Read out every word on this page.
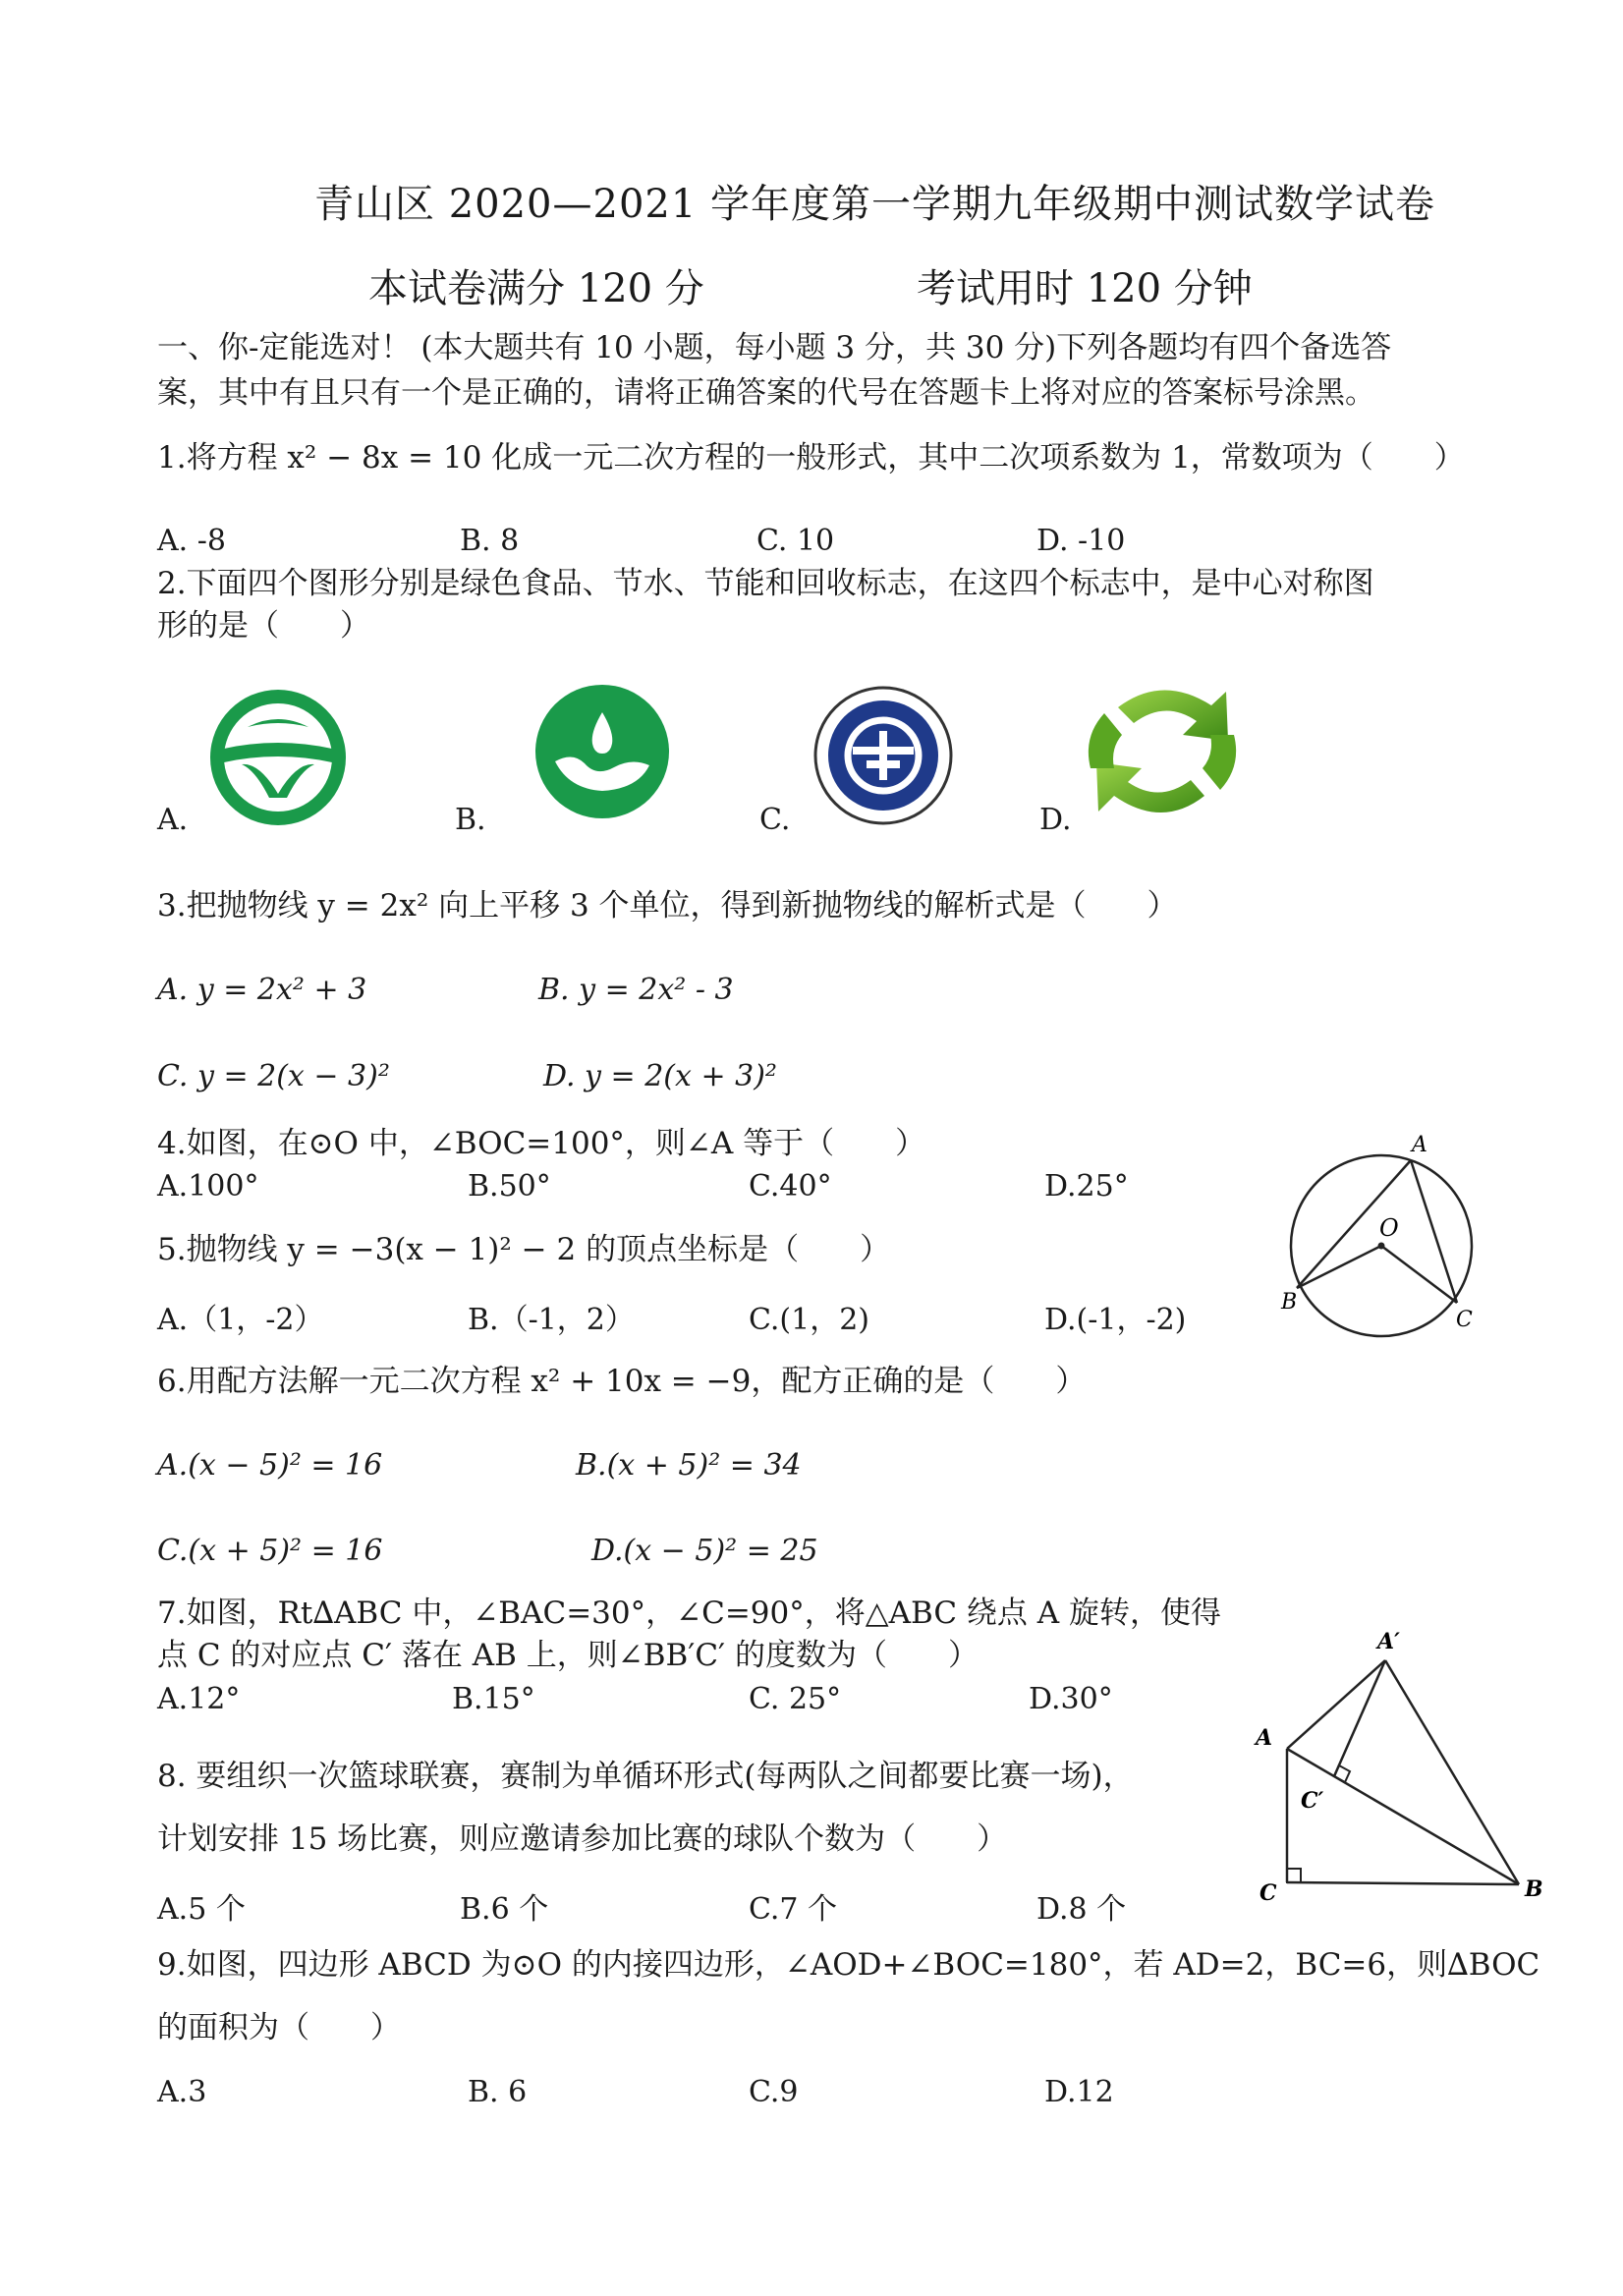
青山区 2020—2021 学年度第一学期九年级期中测试数学试卷
本试卷满分 120 分	考试用时 120 分钟
一、你-定能选对！ (本大题共有 10 小题，每小题 3 分，共 30 分)下列各题均有四个备选答
案，其中有且只有一个是正确的，请将正确答案的代号在答题卡上将对应的答案标号涂黑。
1.将方程 x² − 8x = 10 化成一元二次方程的一般形式，其中二次项系数为 1，常数项为（　　）
A. -8	B. 8	C. 10	D. -10
2.下面四个图形分别是绿色食品、节水、节能和回收标志，在这四个标志中，是中心对称图
形的是（　　）
A.	B.	C.	D.
3.把抛物线 y = 2x² 向上平移 3 个单位，得到新抛物线的解析式是（　　）
A. y = 2x² + 3	B. y = 2x² - 3
C. y = 2(x − 3)²	D. y = 2(x + 3)²
4.如图，在⊙O 中，∠BOC=100°，则∠A 等于（　　）
A.100°	B.50°	C.40°	D.25°
A
O
B
C
5.抛物线 y = −3(x − 1)² − 2 的顶点坐标是（　　）
A.（1，-2）	B.（-1，2）	C.(1，2)	D.(-1，-2)
6.用配方法解一元二次方程 x² + 10x = −9，配方正确的是（　　）
A.(x − 5)² = 16	B.(x + 5)² = 34
C.(x + 5)² = 16	D.(x − 5)² = 25
7.如图，Rt∆ABC 中，∠BAC=30°，∠C=90°，将△ABC 绕点 A 旋转，使得
点 C 的对应点 C′ 落在 AB 上，则∠BB′C′ 的度数为（　　）
A.12°	B.15°	C. 25°	D.30°
A′
A
C′
C	B
8. 要组织一次篮球联赛，赛制为单循环形式(每两队之间都要比赛一场)，
计划安排 15 场比赛，则应邀请参加比赛的球队个数为（　　）
A.5 个	B.6 个	C.7 个	D.8 个
9.如图，四边形 ABCD 为⊙O 的内接四边形，∠AOD+∠BOC=180°，若 AD=2，BC=6，则∆BOC
的面积为（　　）
A.3	B. 6	C.9	D.12
